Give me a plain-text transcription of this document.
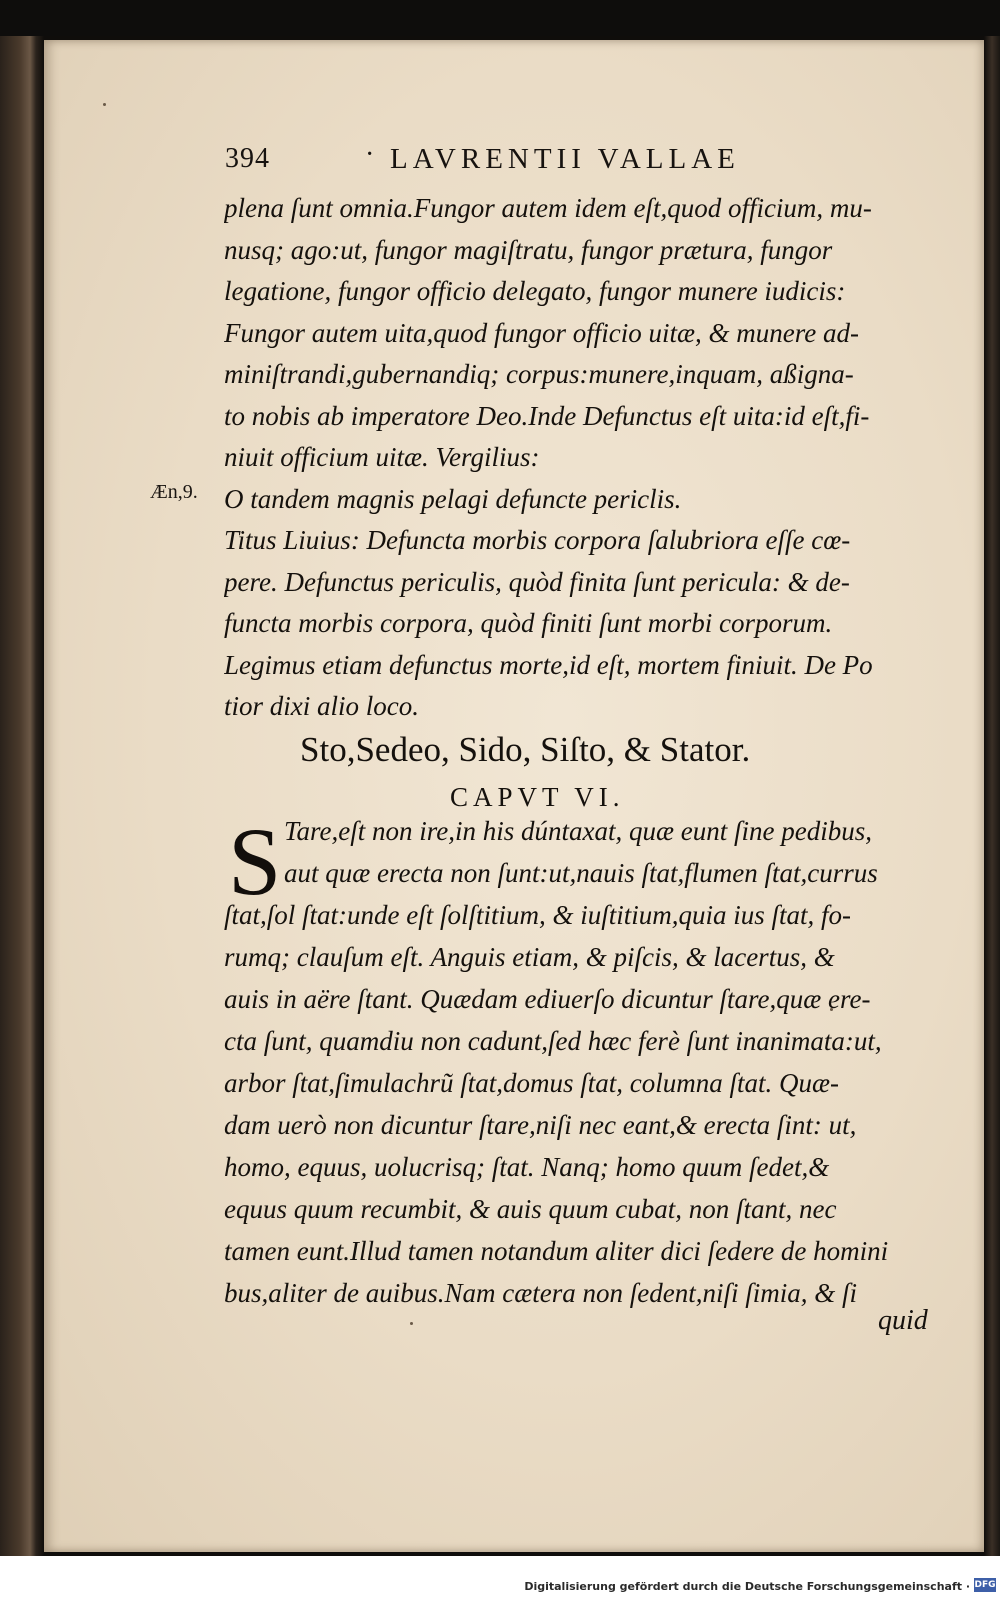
394	· LAVRENTII VALLAE
Æn,9.
plena ſunt omnia.Fungor autem idem eſt,quod officium, mu-
nusq; ago:ut, fungor magiſtratu, fungor prætura, fungor
legatione, fungor officio delegato, fungor munere iudicis:
Fungor autem uita,quod fungor officio uitæ, & munere ad-
miniſtrandi,gubernandiq; corpus:munere,inquam, aßigna-
to nobis ab imperatore Deo.Inde Defunctus eſt uita:id eſt,fi-
niuit officium uitæ. Vergilius:
O tandem magnis pelagi defuncte periclis.
Titus Liuius: Defuncta morbis corpora ſalubriora eſſe cœ-
pere. Defunctus periculis, quòd finita ſunt pericula: & de-
functa morbis corpora, quòd finiti ſunt morbi corporum.
Legimus etiam defunctus morte,id eſt, mortem finiuit. De Po
tior dixi alio loco.
Sto,Sedeo, Sido, Siſto, & Stator.
CAPVT VI.
S Tare,eſt non ire,in his dúntaxat, quæ eunt ſine pedibus,
aut quæ erecta non ſunt:ut,nauis ſtat,flumen ſtat,currus
ſtat,ſol ſtat:unde eſt ſolſtitium, & iuſtitium,quia ius ſtat, fo-
rumq; clauſum eſt. Anguis etiam, & piſcis, & lacertus, &
auis in aëre ſtant. Quædam ediuerſo dicuntur ſtare,quæ ere-
cta ſunt, quamdiu non cadunt,ſed hæc ferè ſunt inanimata:ut,
arbor ſtat,ſimulachrũ ſtat,domus ſtat, columna ſtat. Quæ-
dam uerò non dicuntur ſtare,niſi nec eant,& erecta ſint: ut,
homo, equus, uolucrisq; ſtat. Nanq; homo quum ſedet,&
equus quum recumbit, & auis quum cubat, non ſtant, nec
tamen eunt.Illud tamen notandum aliter dici ſedere de homini
bus,aliter de auibus.Nam cætera non ſedent,niſi ſimia, & ſi
quid
Digitalisierung gefördert durch die Deutsche Forschungsgemeinschaft · DFG
